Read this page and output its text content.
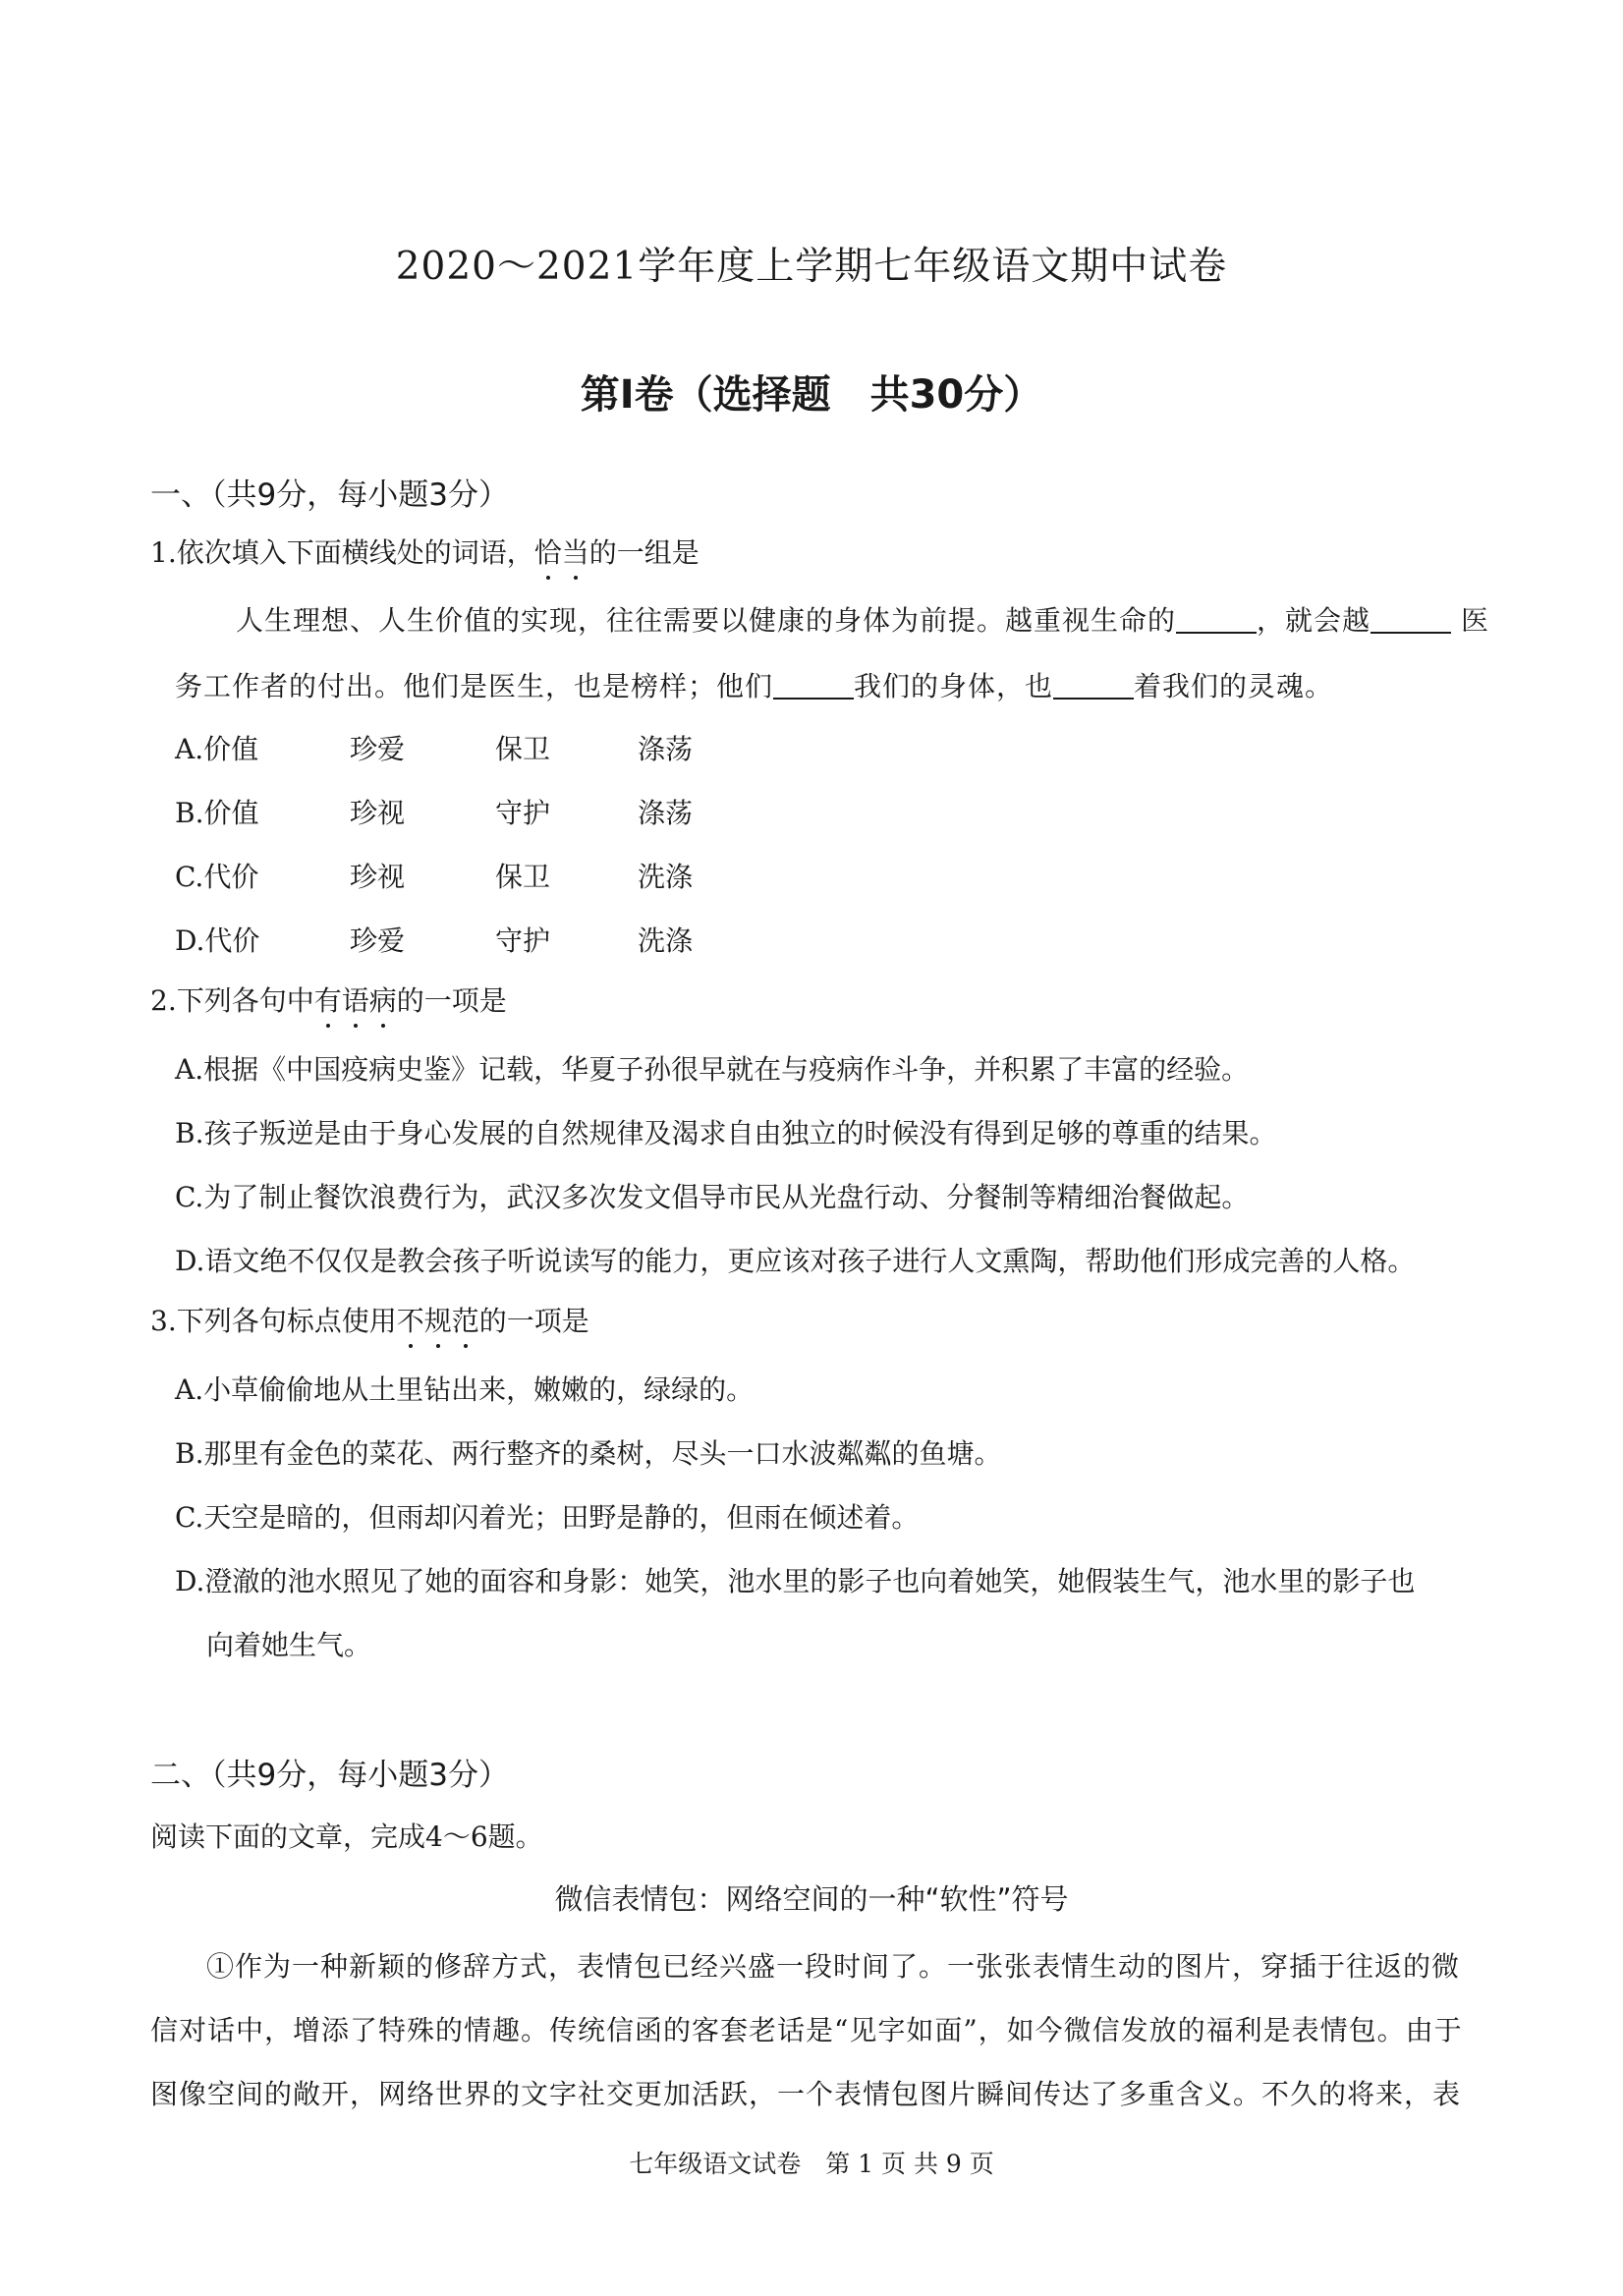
2020～2021学年度上学期七年级语文期中试卷
第Ⅰ卷（选择题　共30分）
一、（共9分，每小题3分）
1.依次填入下面横线处的词语，恰当的一组是
人生理想、人生价值的实现，往往需要以健康的身体为前提。越重视生命的	，就会越	医
务工作者的付出。他们是医生，也是榜样；他们	我们的身体，也	着我们的灵魂。
A.价值	珍爱	保卫	涤荡
B.价值	珍视	守护	涤荡
C.代价	珍视	保卫	洗涤
D.代价	珍爱	守护	洗涤
2.下列各句中有语病的一项是
A.根据《中国疫病史鉴》记载，华夏子孙很早就在与疫病作斗争，并积累了丰富的经验。
B.孩子叛逆是由于身心发展的自然规律及渴求自由独立的时候没有得到足够的尊重的结果。
C.为了制止餐饮浪费行为，武汉多次发文倡导市民从光盘行动、分餐制等精细治餐做起。
D.语文绝不仅仅是教会孩子听说读写的能力，更应该对孩子进行人文熏陶，帮助他们形成完善的人格。
3.下列各句标点使用不规范的一项是
A.小草偷偷地从土里钻出来，嫩嫩的，绿绿的。
B.那里有金色的菜花、两行整齐的桑树，尽头一口水波粼粼的鱼塘。
C.天空是暗的，但雨却闪着光；田野是静的，但雨在倾述着。
D.澄澈的池水照见了她的面容和身影：她笑，池水里的影子也向着她笑，她假装生气，池水里的影子也
向着她生气。
二、（共9分，每小题3分）
阅读下面的文章，完成4～6题。
微信表情包：网络空间的一种“软性”符号
①作为一种新颖的修辞方式，表情包已经兴盛一段时间了。一张张表情生动的图片，穿插于往返的微
信对话中，增添了特殊的情趣。传统信函的客套老话是“见字如面”，如今微信发放的福利是表情包。由于
图像空间的敞开，网络世界的文字社交更加活跃，一个表情包图片瞬间传达了多重含义。不久的将来，表
七年级语文试卷　第 1 页 共 9 页
